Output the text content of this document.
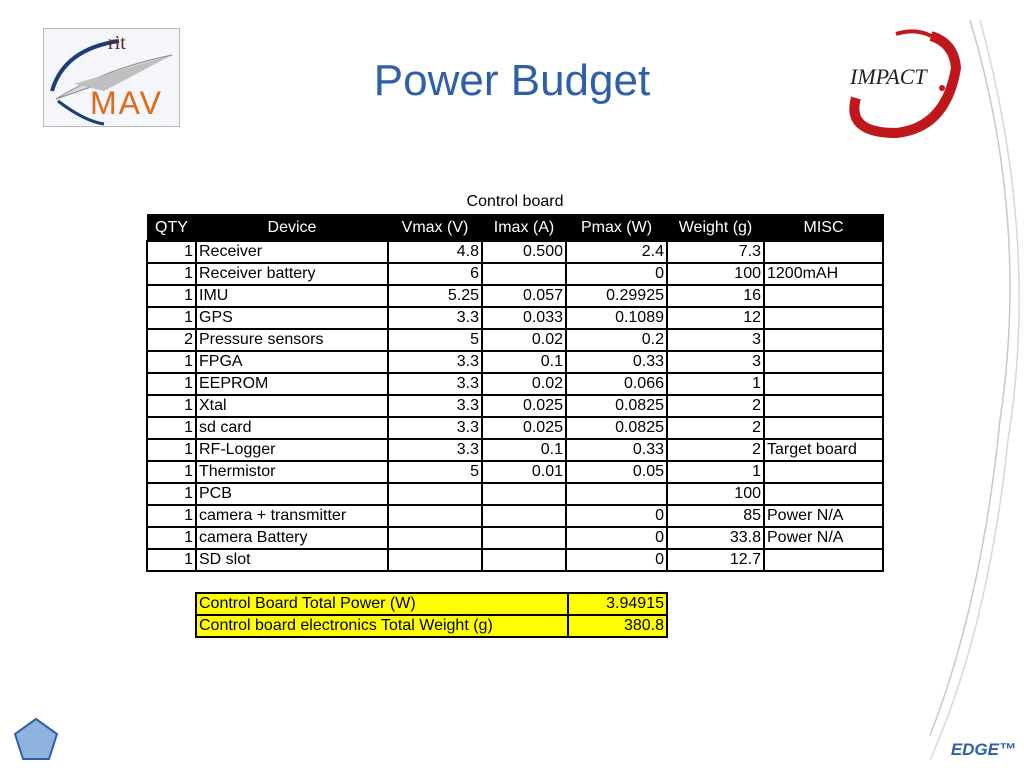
rit
MAV	Power Budget	IMPACT
Control board
QTY	Device	Vmax (V)	Imax (A)	Pmax (W)	Weight (g)	MISC
1	Receiver	4.8	0.500	2.4	7.3	
1	Receiver battery	6		0	100	1200mAH
1	IMU	5.25	0.057	0.29925	16	
1	GPS	3.3	0.033	0.1089	12	
2	Pressure sensors	5	0.02	0.2	3	
1	FPGA	3.3	0.1	0.33	3	
1	EEPROM	3.3	0.02	0.066	1	
1	Xtal	3.3	0.025	0.0825	2	
1	sd card	3.3	0.025	0.0825	2	
1	RF-Logger	3.3	0.1	0.33	2	Target board
1	Thermistor	5	0.01	0.05	1	
1	PCB				100	
1	camera + transmitter			0	85	Power N/A
1	camera Battery			0	33.8	Power N/A
1	SD slot			0	12.7	
Control Board Total Power (W)	3.94915
Control board electronics Total Weight (g)	380.8
EDGE™
